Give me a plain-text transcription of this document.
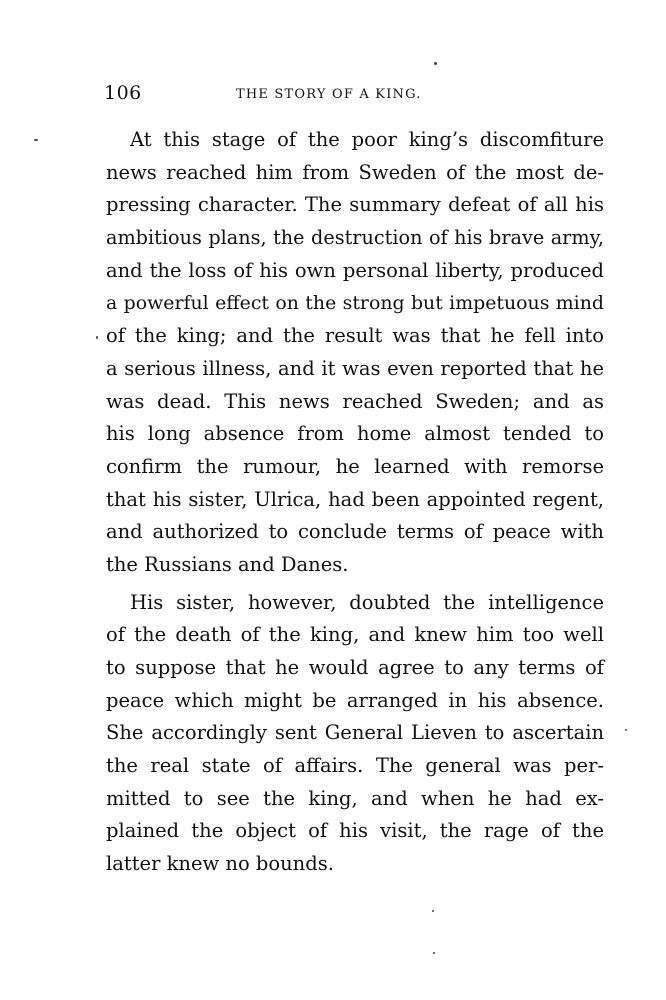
106	THE STORY OF A KING.
At this stage of the poor king’s discomfiture
news reached him from Sweden of the most de-
pressing character. The summary defeat of all his
ambitious plans, the destruction of his brave army,
and the loss of his own personal liberty, produced
a powerful effect on the strong but impetuous mind
of the king; and the result was that he fell into
a serious illness, and it was even reported that he
was dead. This news reached Sweden; and as
his long absence from home almost tended to
confirm the rumour, he learned with remorse
that his sister, Ulrica, had been appointed regent,
and authorized to conclude terms of peace with
the Russians and Danes.
His sister, however, doubted the intelligence
of the death of the king, and knew him too well
to suppose that he would agree to any terms of
peace which might be arranged in his absence.
She accordingly sent General Lieven to ascertain
the real state of affairs. The general was per-
mitted to see the king, and when he had ex-
plained the object of his visit, the rage of the
latter knew no bounds.
